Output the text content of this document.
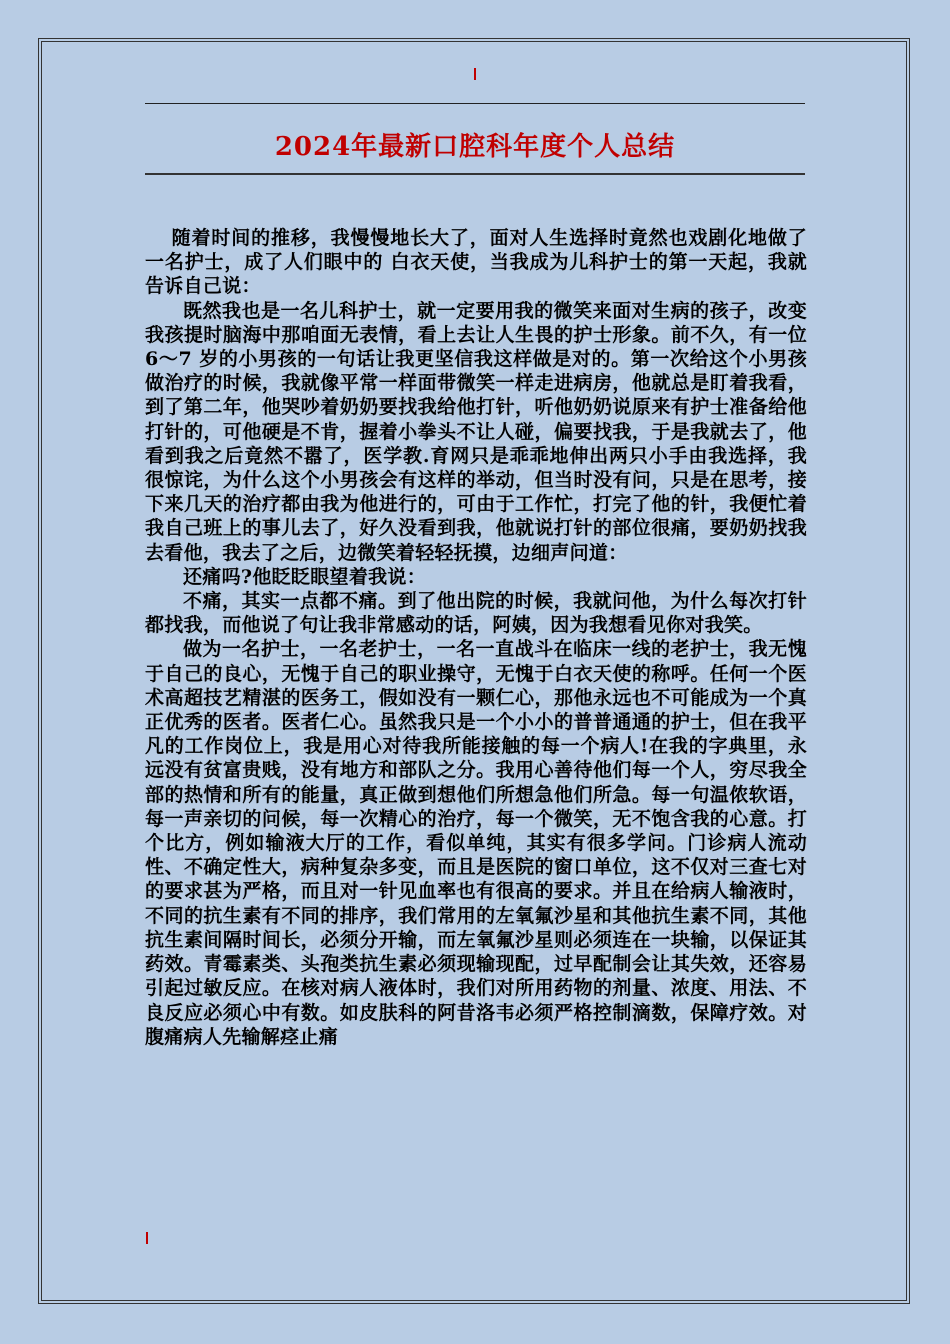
2024年最新口腔科年度个人总结

随着时间的推移，我慢慢地长大了，面对人生选择时竟然也戏剧化地做了一名护士，成了人们眼中的 白衣天使，当我成为儿科护士的第一天起，我就告诉自己说：

既然我也是一名儿科护士，就一定要用我的微笑来面对生病的孩子，改变我孩提时脑海中那咱面无表情，看上去让人生畏的护士形象。前不久，有一位 6～7 岁的小男孩的一句话让我更坚信我这样做是对的。第一次给这个小男孩做治疗的时候，我就像平常一样面带微笑一样走进病房，他就总是盯着我看，到了第二年，他哭吵着奶奶要找我给他打针，听他奶奶说原来有护士准备给他打针的，可他硬是不肯，握着小拳头不让人碰，偏要找我，于是我就去了，他看到我之后竟然不嚣了，医学教.育网只是乖乖地伸出两只小手由我选择，我很惊诧，为什么这个小男孩会有这样的举动，但当时没有问，只是在思考，接下来几天的治疗都由我为他进行的，可由于工作忙，打完了他的针，我便忙着我自己班上的事儿去了，好久没看到我，他就说打针的部位很痛，要奶奶找我去看他，我去了之后，边微笑着轻轻抚摸，边细声问道：

还痛吗?他眨眨眼望着我说：

不痛，其实一点都不痛。到了他出院的时候，我就问他，为什么每次打针都找我，而他说了句让我非常感动的话，阿姨，因为我想看见你对我笑。

做为一名护士，一名老护士，一名一直战斗在临床一线的老护士，我无愧于自己的良心，无愧于自己的职业操守，无愧于白衣天使的称呼。任何一个医术高超技艺精湛的医务工，假如没有一颗仁心，那他永远也不可能成为一个真正优秀的医者。医者仁心。虽然我只是一个小小的普普通通的护士，但在我平凡的工作岗位上，我是用心对待我所能接触的每一个病人!在我的字典里，永远没有贫富贵贱，没有地方和部队之分。我用心善待他们每一个人，穷尽我全部的热情和所有的能量，真正做到想他们所想急他们所急。每一句温侬软语，每一声亲切的问候，每一次精心的治疗，每一个微笑，无不饱含我的心意。打个比方，例如输液大厅的工作，看似单纯，其实有很多学问。门诊病人流动性、不确定性大，病种复杂多变，而且是医院的窗口单位，这不仅对三查七对的要求甚为严格，而且对一针见血率也有很高的要求。并且在给病人输液时，不同的抗生素有不同的排序，我们常用的左氧氟沙星和其他抗生素不同，其他抗生素间隔时间长，必须分开输，而左氧氟沙星则必须连在一块输，以保证其药效。青霉素类、头孢类抗生素必须现输现配，过早配制会让其失效，还容易引起过敏反应。在核对病人液体时，我们对所用药物的剂量、浓度、用法、不良反应必须心中有数。如皮肤科的阿昔洛韦必须严格控制滴数，保障疗效。对腹痛病人先输解痉止痛
